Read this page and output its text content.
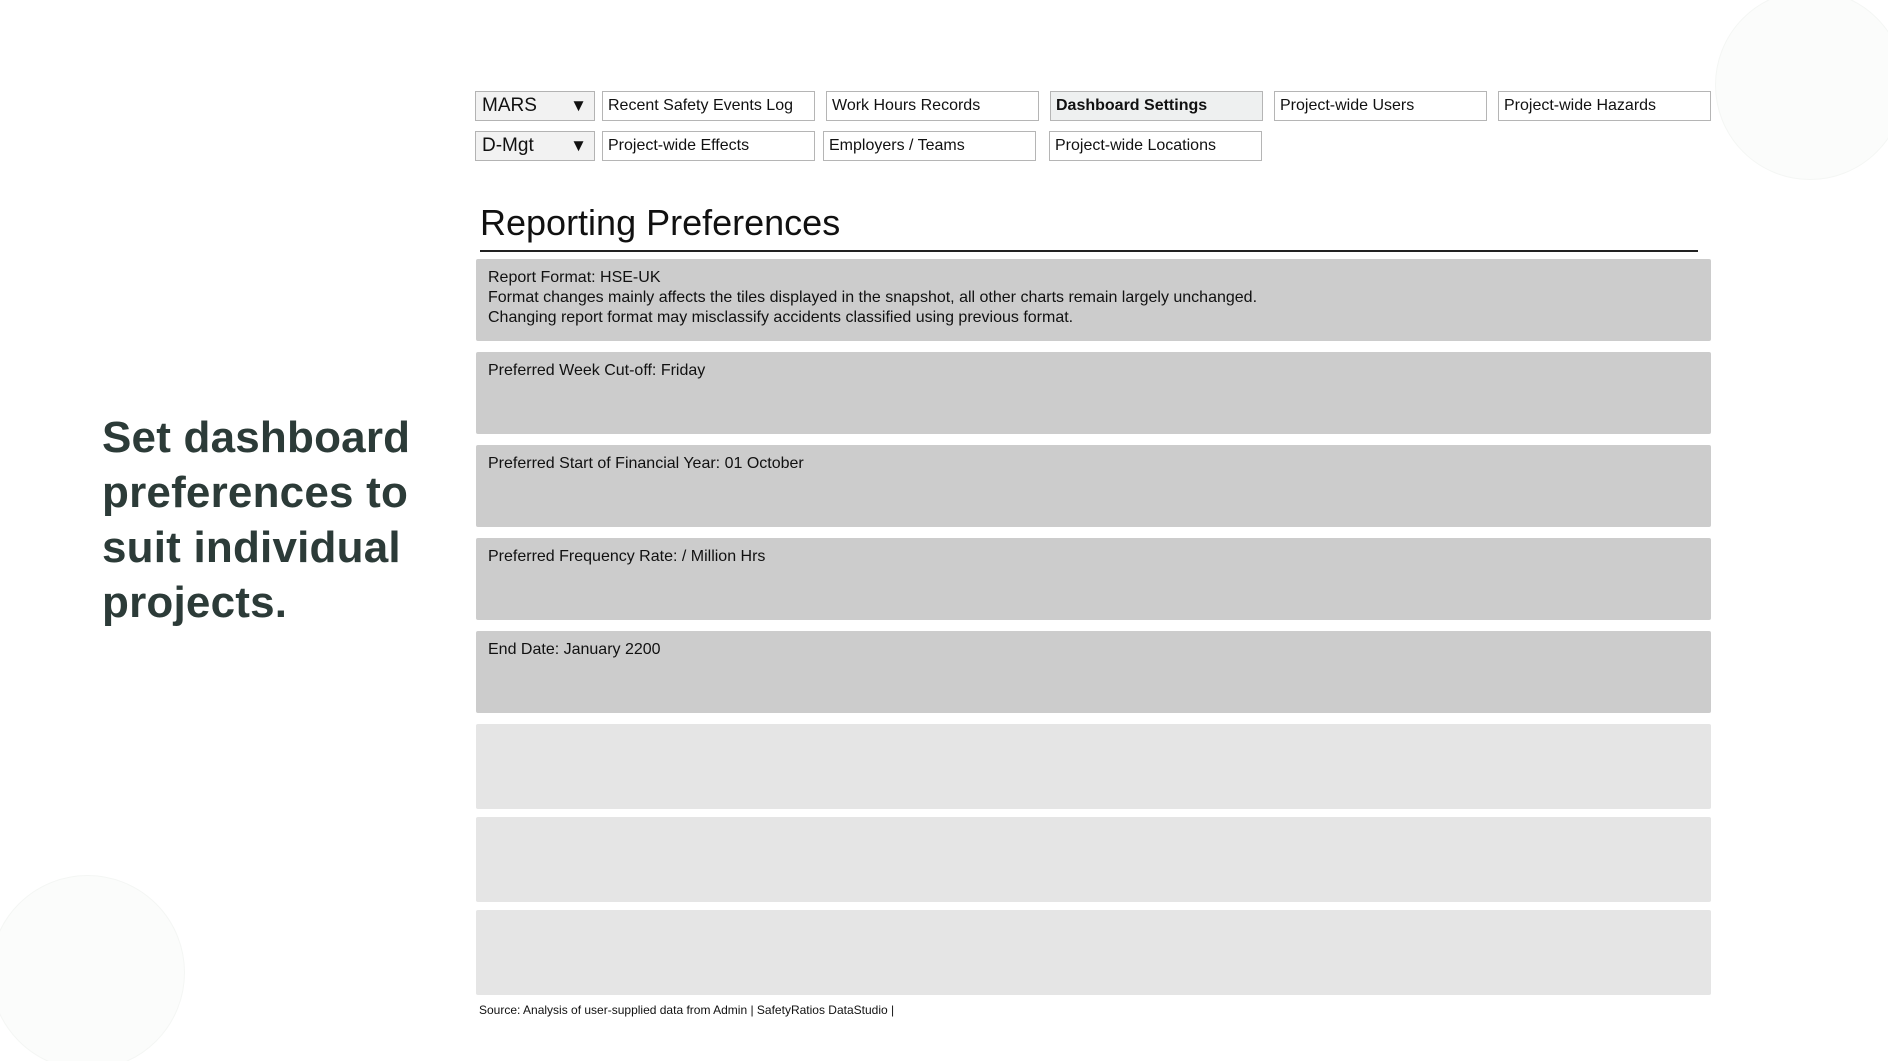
Set dashboard preferences to suit individual projects.
MARS ▼	Recent Safety Events Log	Work Hours Records	Dashboard Settings	Project-wide Users	Project-wide Hazards
D-Mgt ▼	Project-wide Effects	Employers / Teams	Project-wide Locations
Reporting Preferences

Report Format: HSE-UK

Format changes mainly affects the tiles displayed in the snapshot, all other charts remain largely unchanged.

Changing report format may misclassify accidents classified using previous format.

Preferred Week Cut-off: Friday

Preferred Start of Financial Year: 01 October

Preferred Frequency Rate: / Million Hrs

End Date: January 2200

Source: Analysis of user-supplied data from Admin | SafetyRatios DataStudio |
